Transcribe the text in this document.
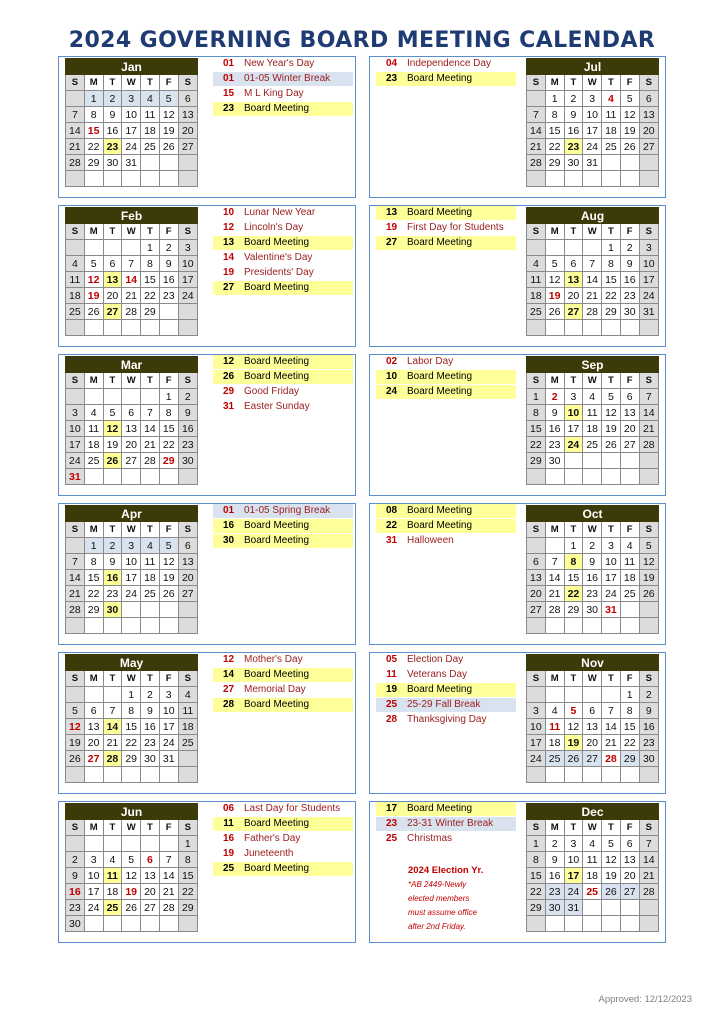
2024 GOVERNING BOARD MEETING CALENDAR
Jan						
S	M	T	W	T	F	S
	1	2	3	4	5	6
7	8	9	10	11	12	13
14	15	16	17	18	19	20
21	22	23	24	25	26	27
28	29	30	31			

01 New Year's Day
01 01-05 Winter Break
15 M L King Day
23 Board Meeting
Feb						
S	M	T	W	T	F	S
				1	2	3
4	5	6	7	8	9	10
11	12	13	14	15	16	17
18	19	20	21	22	23	24
25	26	27	28	29		

10 Lunar New Year
12 Lincoln's Day
13 Board Meeting
14 Valentine's Day
19 Presidents' Day
27 Board Meeting
Mar						
S	M	T	W	T	F	S
					1	2
3	4	5	6	7	8	9
10	11	12	13	14	15	16
17	18	19	20	21	22	23
24	25	26	27	28	29	30
31						
12 Board Meeting
26 Board Meeting
29 Good Friday
31 Easter Sunday
Apr						
S	M	T	W	T	F	S
	1	2	3	4	5	6
7	8	9	10	11	12	13
14	15	16	17	18	19	20
21	22	23	24	25	26	27
28	29	30				

01 01-05 Spring Break
16 Board Meeting
30 Board Meeting
May						
S	M	T	W	T	F	S
			1	2	3	4
5	6	7	8	9	10	11
12	13	14	15	16	17	18
19	20	21	22	23	24	25
26	27	28	29	30	31	

12 Mother's Day
14 Board Meeting
27 Memorial Day
28 Board Meeting
Jun						
S	M	T	W	T	F	S
						1
2	3	4	5	6	7	8
9	10	11	12	13	14	15
16	17	18	19	20	21	22
23	24	25	26	27	28	29
30						
06 Last Day for Students
11 Board Meeting
16 Father's Day
19 Juneteenth
25 Board Meeting
Jul						
S	M	T	W	T	F	S
	1	2	3	4	5	6
7	8	9	10	11	12	13
14	15	16	17	18	19	20
21	22	23	24	25	26	27
28	29	30	31			

04 Independence Day
23 Board Meeting
Aug						
S	M	T	W	T	F	S
				1	2	3
4	5	6	7	8	9	10
11	12	13	14	15	16	17
18	19	20	21	22	23	24
25	26	27	28	29	30	31

13 Board Meeting
19 First Day for Students
27 Board Meeting
Sep						
S	M	T	W	T	F	S
1	2	3	4	5	6	7
8	9	10	11	12	13	14
15	16	17	18	19	20	21
22	23	24	25	26	27	28
29	30					

02 Labor Day
10 Board Meeting
24 Board Meeting
Oct						
S	M	T	W	T	F	S
		1	2	3	4	5
6	7	8	9	10	11	12
13	14	15	16	17	18	19
20	21	22	23	24	25	26
27	28	29	30	31		

08 Board Meeting
22 Board Meeting
31 Halloween
Nov						
S	M	T	W	T	F	S
					1	2
3	4	5	6	7	8	9
10	11	12	13	14	15	16
17	18	19	20	21	22	23
24	25	26	27	28	29	30

05 Election Day
11 Veterans Day
19 Board Meeting
25 25-29 Fall Break
28 Thanksgiving Day
Dec						
S	M	T	W	T	F	S
1	2	3	4	5	6	7
8	9	10	11	12	13	14
15	16	17	18	19	20	21
22	23	24	25	26	27	28
29	30	31				

17 Board Meeting
23 23-31 Winter Break
25 Christmas
2024 Election Yr.
*AB 2449-Newly
elected members
must assume office
after 2nd Friday.
Approved: 12/12/2023
